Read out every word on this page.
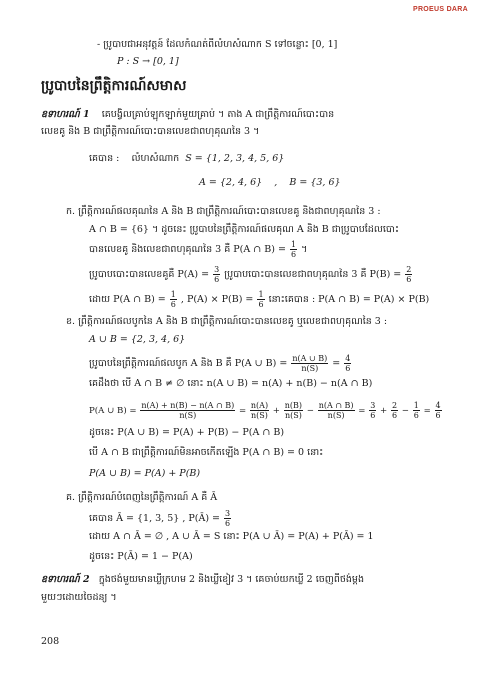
PROEUS DARA
- ប្រូបាបជាអនុវត្តន៍ ដែលកំណត់ពីលំហសំណាក S ទៅចន្លោះ [0, 1]
P : S → [0, 1]
ប្រូបាបនៃព្រឹត្តិការណ៍សមាស
ឧទាហរណ៍ 1 គេបង្វិលគ្រាប់ឡុកឡាក់មួយគ្រាប់ ។ តាង A ជាព្រឹត្តិការណ៍បោះបាន
លេខគូ និង B ជាព្រឹត្តិការណ៍បោះបានលេខជាពហុគុណនៃ 3 ។
គេបាន : លំហសំណាក S = {1, 2, 3, 4, 5, 6}
A = {2, 4, 6}    ,    B = {3, 6}
ក. ព្រឹត្តិការណ៍ផលគុណនៃ A និង B ជាព្រឹត្តិការណ៍បោះបានលេខគូ និងជាពហុគុណនៃ 3 :
A ∩ B = {6} ។ ដូចនេះ ប្រូបាបនៃព្រឹត្តិការណ៍ផលគុណ A និង B ជាប្រូបាបដែលបោះ
បានលេខគូ និងលេខជាពហុគុណនៃ 3 គឺ P(A ∩ $B) = \frac{1}{6}$ ។
ប្រូបាបបោះបានលេខគូគឺ $P(A) = \frac{3}{6}$ ប្រូបាបបោះបានលេខជាពហុគុណនៃ 3 គឺ $P(B) = \frac{2}{6}$
ដោយ P(A ∩ $B) = \frac{1}{6}$ , $P(A) \times P(B) = \frac{1}{6}$ នោះគេបាន : P(A ∩ B) = P(A) × P(B)
ខ. ព្រឹត្តិការណ៍ផលបូកនៃ A និង B ជាព្រឹត្តិការណ៍បោះបានលេខគូ ឬលេខជាពហុគុណនៃ 3 :
A ∪ B = {2, 3, 4, 6}
ប្រូបាបនៃព្រឹត្តិការណ៍ផលបូក A និង B គឺ P(A ∪ $B) = \frac{n(A \cup B)}{n(S)} = \frac{4}{6}$
គេដឹងថា បើ A ∩ B ≠ ∅ នោះ n(A ∪ B) = n(A) + n(B) − n(A ∩ B)
P(A ∪ $B) = \frac{n(A) + n(B) - n(A \cap B)}{n(S)} = \frac{n(A)}{n(S)} + \frac{n(B)}{n(S)} - \frac{n(A \cap B)}{n(S)} = \frac{3}{6} + \frac{2}{6} - \frac{1}{6} = \frac{4}{6}$
ដូចនេះ P(A ∪ B) = P(A) + P(B) − P(A ∩ B)
បើ A ∩ B ជាព្រឹត្តិការណ៍មិនអាចកើតឡើង P(A ∩ B) = 0 នោះ
P(A ∪ B) = P(A) + P(B)
គ. ព្រឹត្តិការណ៍បំពេញនៃព្រឹត្តិការណ៍ A គឺ Ā
គេបាន Ā = {1, 3, 5} , P(Ā) = $\frac{3}{6}$
ដោយ A ∩ Ā = ∅ , A ∪ Ā = S នោះ P(A ∪ Ā) = P(A) + P(Ā) = 1
ដូចនេះ P(Ā) = 1 − P(A)
ឧទាហរណ៍ 2 ក្នុងថង់មួយមានឃ្លីក្រហម 2 និងឃ្លីខៀវ 3 ។ គេចាប់យកឃ្លី 2 ចេញពីថង់ម្តង
មួយៗដោយចៃដន្យ ។
208
